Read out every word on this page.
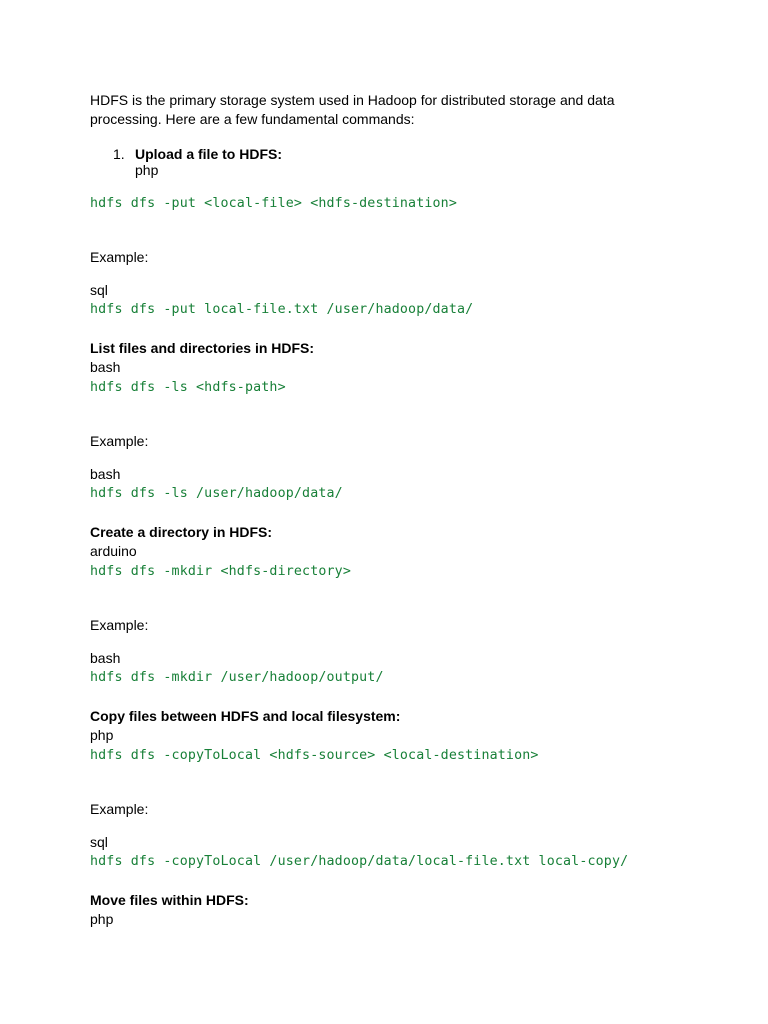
HDFS is the primary storage system used in Hadoop for distributed storage and data
processing. Here are a few fundamental commands:
1. Upload a file to HDFS:
php
hdfs dfs -put <local-file> <hdfs-destination>
Example:
sql
hdfs dfs -put local-file.txt /user/hadoop/data/
List files and directories in HDFS:
bash
hdfs dfs -ls <hdfs-path>
Example:
bash
hdfs dfs -ls /user/hadoop/data/
Create a directory in HDFS:
arduino
hdfs dfs -mkdir <hdfs-directory>
Example:
bash
hdfs dfs -mkdir /user/hadoop/output/
Copy files between HDFS and local filesystem:
php
hdfs dfs -copyToLocal <hdfs-source> <local-destination>
Example:
sql
hdfs dfs -copyToLocal /user/hadoop/data/local-file.txt local-copy/
Move files within HDFS:
php
